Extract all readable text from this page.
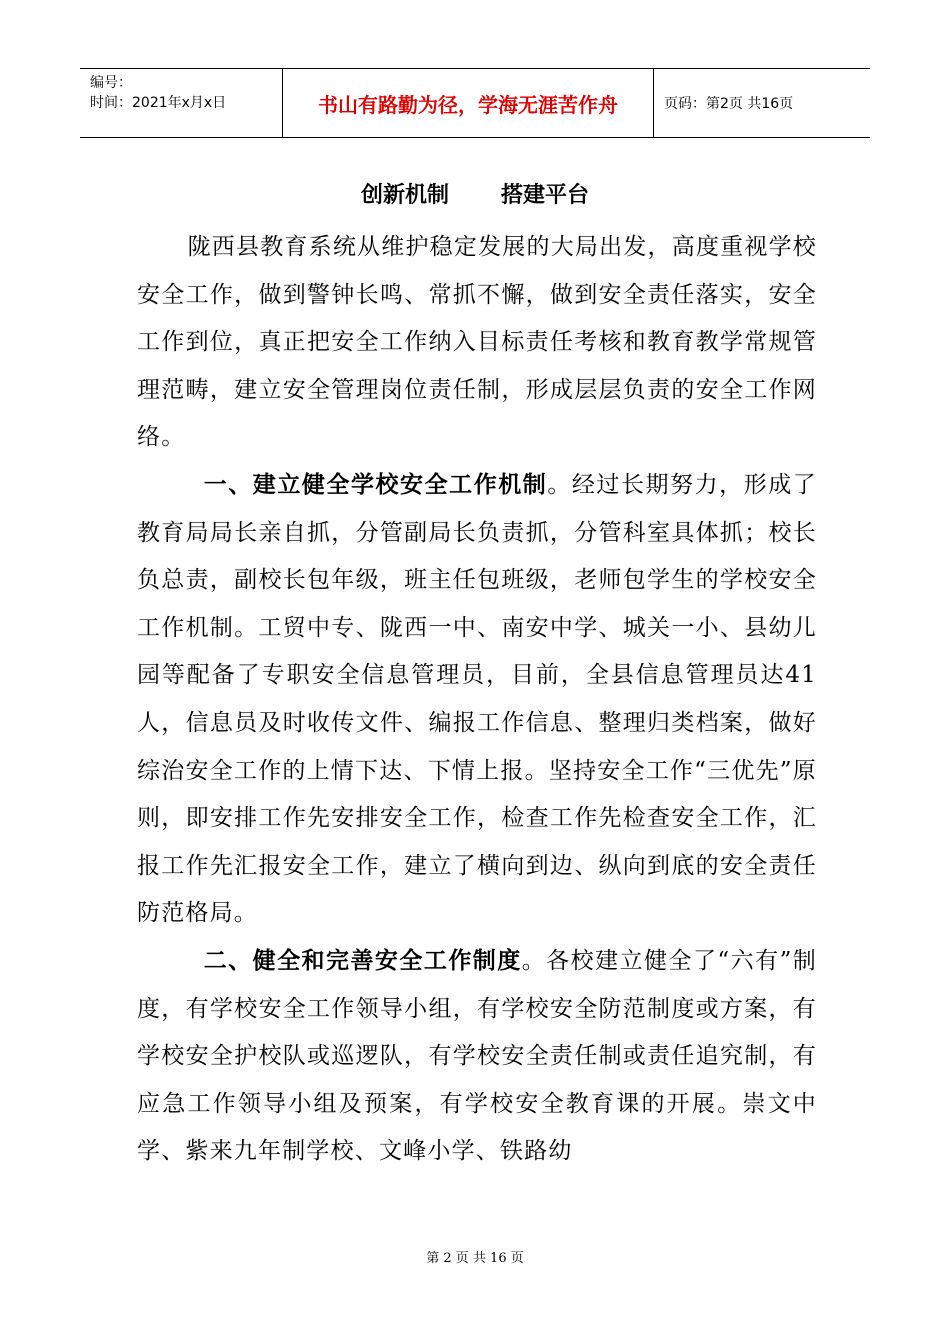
编号：
时间：2021年x月x日	书山有路勤为径，学海无涯苦作舟	页码：第2页 共16页
创新机制 搭建平台

陇西县教育系统从维护稳定发展的大局出发，高度重视学校安全工作，做到警钟长鸣、常抓不懈，做到安全责任落实，安全工作到位，真正把安全工作纳入目标责任考核和教育教学常规管理范畴，建立安全管理岗位责任制，形成层层负责的安全工作网络。

一、建立健全学校安全工作机制。经过长期努力，形成了教育局局长亲自抓，分管副局长负责抓，分管科室具体抓；校长负总责，副校长包年级，班主任包班级，老师包学生的学校安全工作机制。工贸中专、陇西一中、南安中学、城关一小、县幼儿园等配备了专职安全信息管理员，目前，全县信息管理员达41人，信息员及时收传文件、编报工作信息、整理归类档案，做好综治安全工作的上情下达、下情上报。坚持安全工作“三优先”原则，即安排工作先安排安全工作，检查工作先检查安全工作，汇报工作先汇报安全工作，建立了横向到边、纵向到底的安全责任防范格局。

二、健全和完善安全工作制度。各校建立健全了“六有”制度，有学校安全工作领导小组，有学校安全防范制度或方案，有学校安全护校队或巡逻队，有学校安全责任制或责任追究制，有应急工作领导小组及预案，有学校安全教育课的开展。崇文中学、紫来九年制学校、文峰小学、铁路幼

第 2 页 共 16 页
